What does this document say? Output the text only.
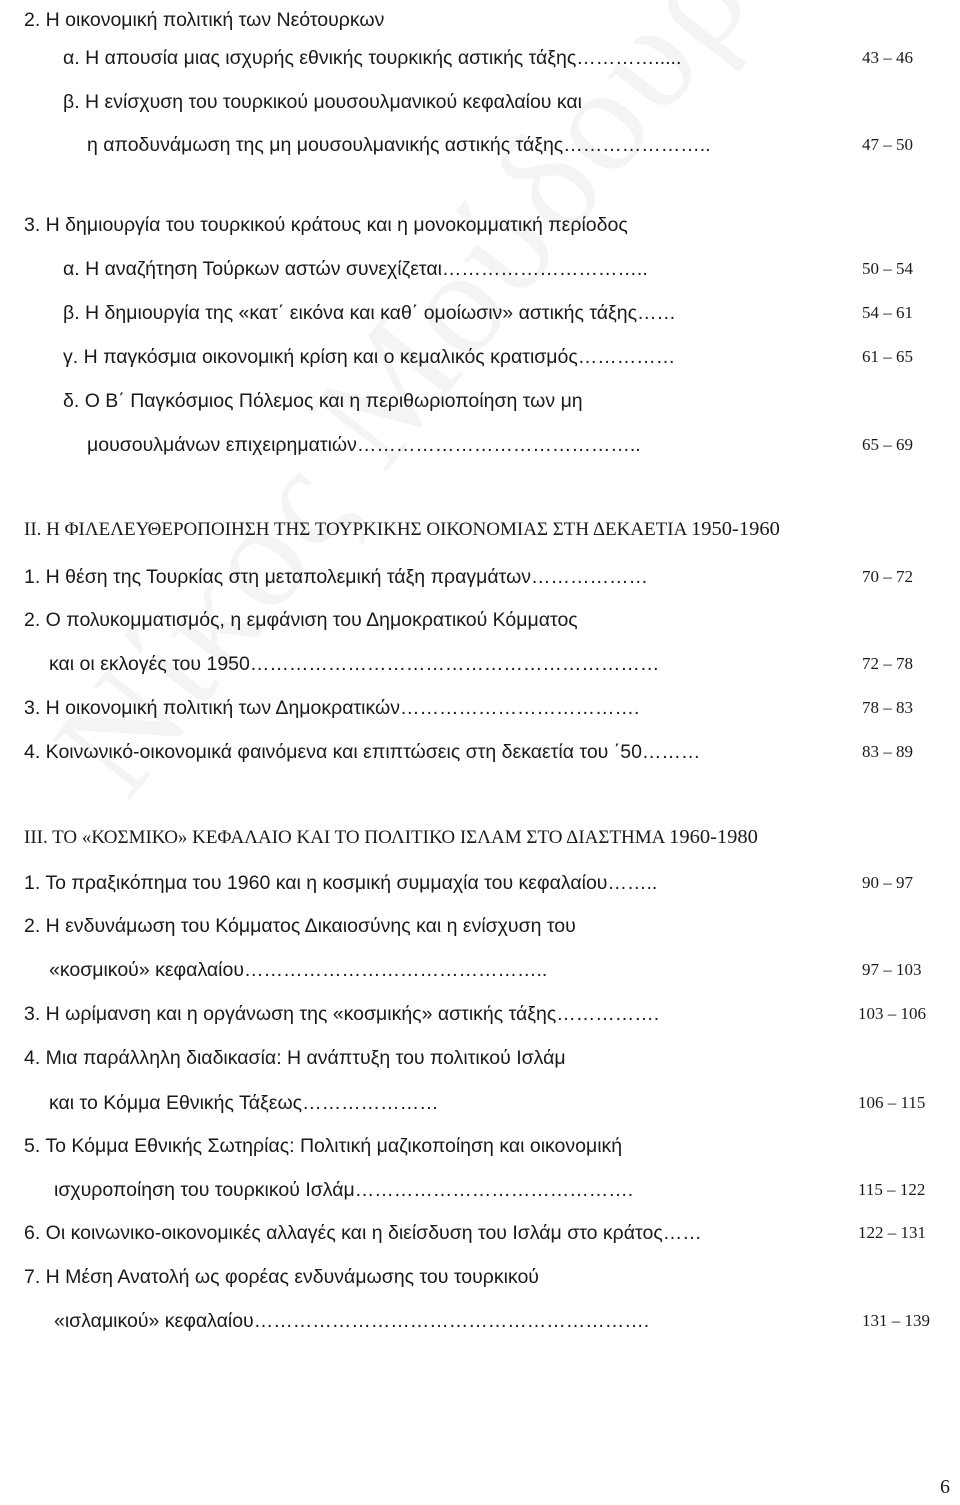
2. Η οικονομική πολιτική των Νεότουρκων
α. Η απουσία μιας ισχυρής εθνικής τουρκικής αστικής τάξης………….....	43 – 46
β. Η ενίσχυση του τουρκικού μουσουλμανικού κεφαλαίου και
η αποδυνάμωση της μη μουσουλμανικής αστικής τάξης…………………..	47 – 50
3. Η δημιουργία του τουρκικού κράτους και η μονοκομματική περίοδος
α. Η αναζήτηση Τούρκων αστών συνεχίζεται…………………………..	50 – 54
β. Η δημιουργία της «κατ΄ εικόνα και καθ΄ ομοίωσιν» αστικής τάξης……	54 – 61
γ. Η παγκόσμια οικονομική κρίση και ο κεμαλικός κρατισμός……………	61 – 65
δ. Ο Β΄ Παγκόσμιος Πόλεμος και η περιθωριοποίηση των μη
μουσουλμάνων επιχειρηματιών……………………………………..	65 – 69
ΙΙ. Η ΦΙΛΕΛΕΥΘΕΡΟΠΟΙΗΣΗ ΤΗΣ ΤΟΥΡΚΙΚΗΣ ΟΙΚΟΝΟΜΙΑΣ ΣΤΗ ΔΕΚΑΕΤΙΑ 1950-1960
1. Η θέση της Τουρκίας στη μεταπολεμική τάξη πραγμάτων………………	70 – 72
2. Ο πολυκομματισμός, η εμφάνιση του Δημοκρατικού Κόμματος
και οι εκλογές του 1950………………………………………………………	72 – 78
3. Η οικονομική πολιτική των Δημοκρατικών……………………………….	78 – 83
4. Κοινωνικό-οικονομικά φαινόμενα και επιπτώσεις στη δεκαετία του ΄50………	83 – 89
ΙΙΙ. ΤΟ «ΚΟΣΜΙΚΟ» ΚΕΦΑΛΑΙΟ ΚΑΙ ΤΟ ΠΟΛΙΤΙΚΟ ΙΣΛΑΜ ΣΤΟ ΔΙΑΣΤΗΜΑ 1960-1980
1. Το πραξικόπημα του 1960 και η κοσμική συμμαχία του κεφαλαίου……..	90 – 97
2. Η ενδυνάμωση του Κόμματος Δικαιοσύνης και η ενίσχυση του
«κοσμικού» κεφαλαίου………………………………………..	97 – 103
3. Η ωρίμανση και η οργάνωση της «κοσμικής» αστικής τάξης…………….	103 – 106
4. Μια παράλληλη διαδικασία: Η ανάπτυξη του πολιτικού Ισλάμ
και το Κόμμα Εθνικής Τάξεως…………………	106 – 115
5. Το Κόμμα Εθνικής Σωτηρίας: Πολιτική μαζικοποίηση και οικονομική
ισχυροποίηση του τουρκικού Ισλάμ…………………………………….	115 – 122
6. Οι κοινωνικο-οικονομικές αλλαγές και η διείσδυση του Ισλάμ στο κράτος……	122 – 131
7. Η Μέση Ανατολή ως φορέας ενδυνάμωσης του τουρκικού
«ισλαμικού» κεφαλαίου…………………………………………………….	131 – 139
6
